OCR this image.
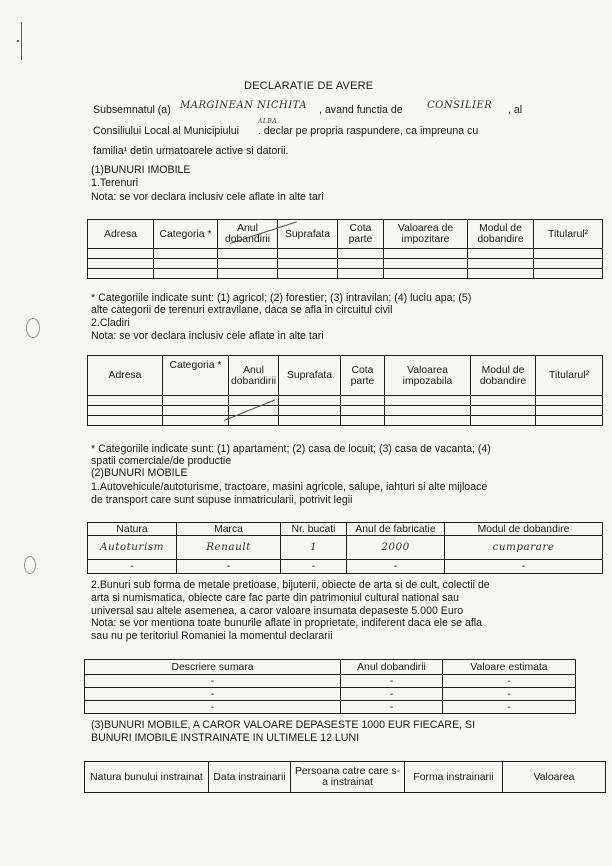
DECLARATIE DE AVERE
Subsemnatul (a) MARGINEAN NICHITA , avand functia de CONSILIER , al
Consiliului Local al Municipiului
ALBA
. declar pe propria raspundere, ca impreuna cu
familia¹ detin urmatoarele active si datorii.
(1)BUNURI IMOBILE
1.Terenuri
Nota: se vor declara inclusiv cele aflate in alte tari
Adresa	Categoria *	Anul dobandirii	Suprafata	Cota parte	Valoarea de impozitare	Modul de dobandire	Titularul²

* Categoriile indicate sunt: (1) agricol; (2) forestier; (3) intravilan; (4) luciu apa; (5)
alte categorii de terenuri extravilane, daca se afla in circuitul civil
2.Cladiri
Nota: se vor declara inclusiv cele aflate in alte tari
Adresa	Categoria *	Anul dobandirii	Suprafata	Cota parte	Valoarea impozabila	Modul de dobandire	Titularul²

* Categoriile indicate sunt: (1) apartament; (2) casa de locuit; (3) casa de vacanta; (4)
spatii comerciale/de productie
(2)BUNURI MOBILE
1.Autovehicule/autoturisme, tractoare, masini agricole, salupe, iahturi si alte mijloace
de transport care sunt supuse inmatricularii, potrivit legii
Natura	Marca	Nr. bucati	Anul de fabricatie	Modul de dobandire
Autoturism	Renault	1	2000	cumparare
-	-	-	-	-
2.Bunuri sub forma de metale pretioase, bijuterii, obiecte de arta si de cult, colectii de
arta si numismatica, obiecte care fac parte din patrimoniul cultural national sau
universal sau altele asemenea, a caror valoare insumata depaseste 5.000 Euro
Nota: se vor mentiona toate bunurile aflate in proprietate, indiferent daca ele se afla
sau nu pe teritoriul Romaniei la momentul declararii
Descriere sumara	Anul dobandirii	Valoare estimata
-	-	-
-	-	-
-	-	-
(3)BUNURI MOBILE, A CAROR VALOARE DEPASESTE 1000 EUR FIECARE, SI
BUNURI IMOBILE INSTRAINATE IN ULTIMELE 12 LUNI
Natura bunului instrainat	Data instrainarii	Persoana catre care s-a instrainat	Forma instrainarii	Valoarea
